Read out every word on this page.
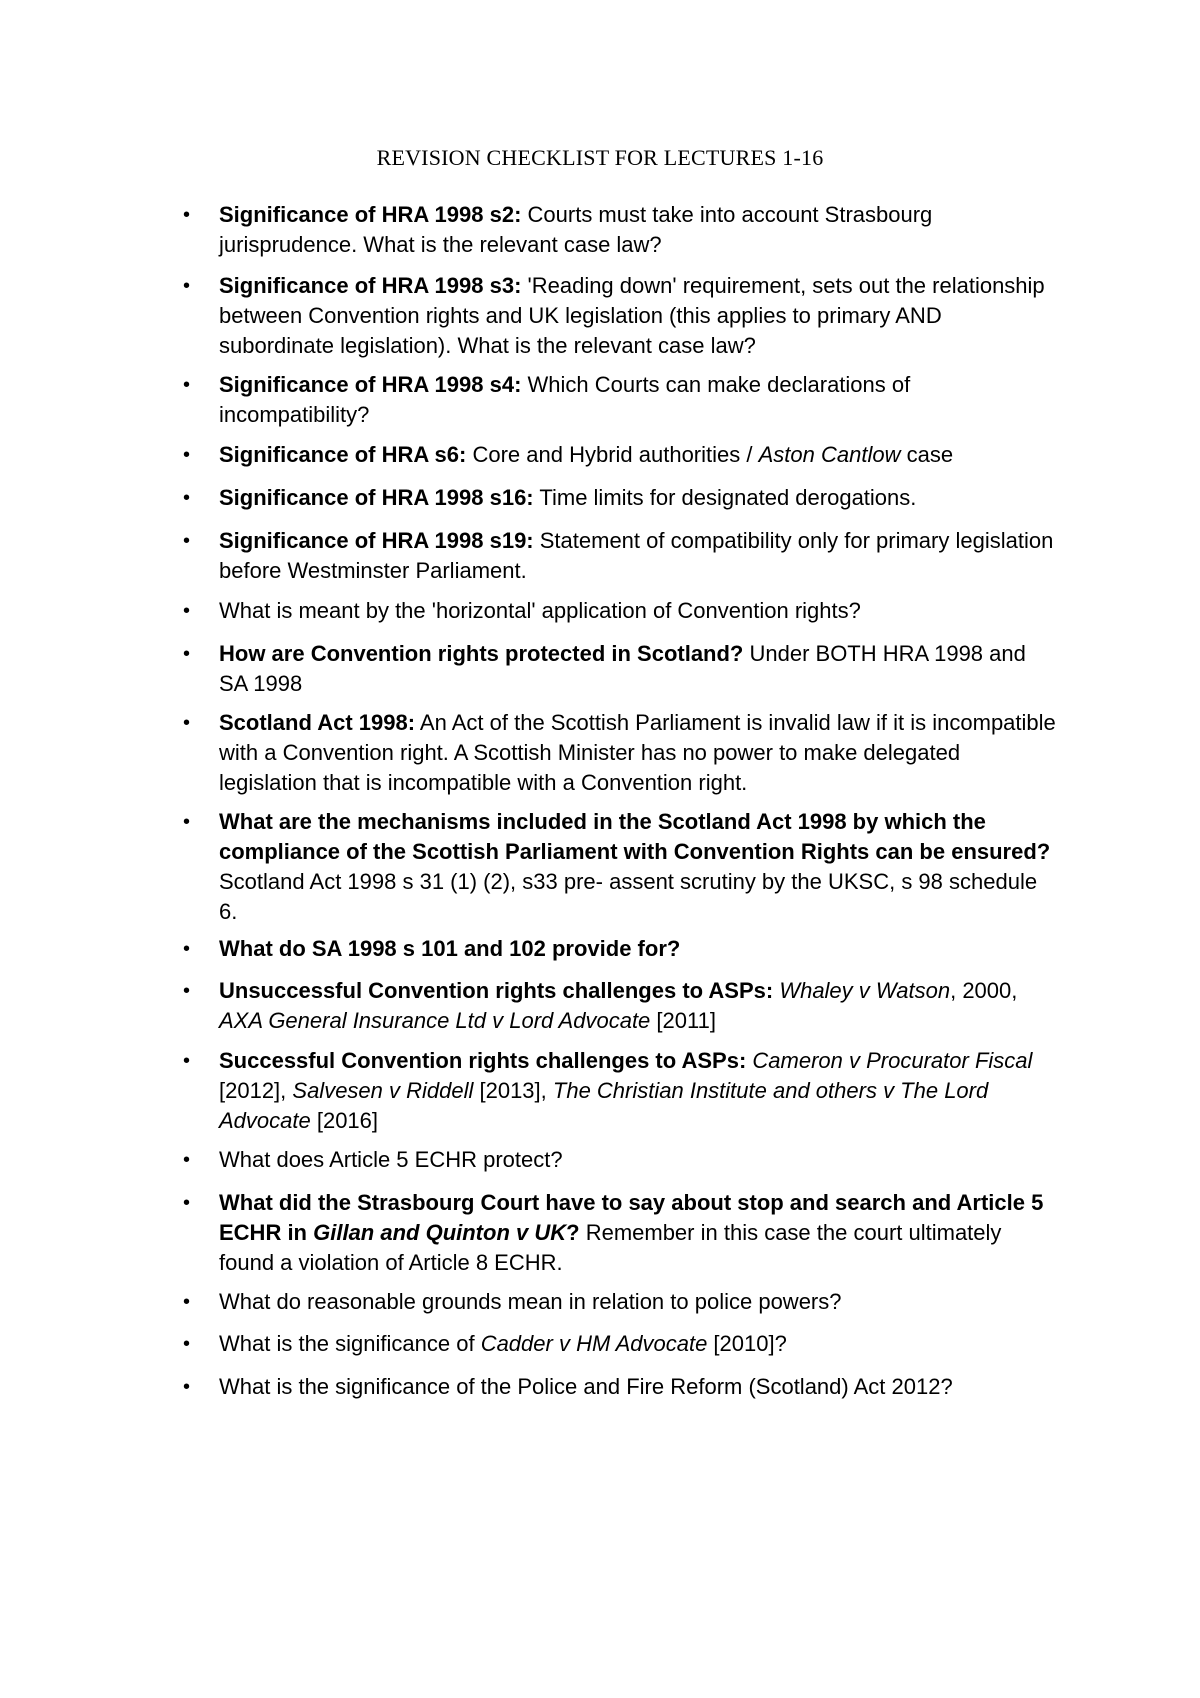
REVISION CHECKLIST FOR LECTURES 1-16
• Significance of HRA 1998 s2: Courts must take into account Strasbourg jurisprudence. What is the relevant case law?
• Significance of HRA 1998 s3: 'Reading down' requirement, sets out the relationship between Convention rights and UK legislation (this applies to primary AND subordinate legislation). What is the relevant case law?
• Significance of HRA 1998 s4: Which Courts can make declarations of incompatibility?
• Significance of HRA s6: Core and Hybrid authorities / Aston Cantlow case
• Significance of HRA 1998 s16: Time limits for designated derogations.
• Significance of HRA 1998 s19: Statement of compatibility only for primary legislation before Westminster Parliament.
• What is meant by the 'horizontal' application of Convention rights?
• How are Convention rights protected in Scotland? Under BOTH HRA 1998 and SA 1998
• Scotland Act 1998: An Act of the Scottish Parliament is invalid law if it is incompatible with a Convention right. A Scottish Minister has no power to make delegated legislation that is incompatible with a Convention right.
• What are the mechanisms included in the Scotland Act 1998 by which the compliance of the Scottish Parliament with Convention Rights can be ensured? Scotland Act 1998 s 31 (1) (2), s33 pre- assent scrutiny by the UKSC, s 98 schedule 6.
• What do SA 1998 s 101 and 102 provide for?
• Unsuccessful Convention rights challenges to ASPs: Whaley v Watson, 2000, AXA General Insurance Ltd v Lord Advocate [2011]
• Successful Convention rights challenges to ASPs: Cameron v Procurator Fiscal [2012], Salvesen v Riddell [2013], The Christian Institute and others v The Lord Advocate [2016]
• What does Article 5 ECHR protect?
• What did the Strasbourg Court have to say about stop and search and Article 5 ECHR in Gillan and Quinton v UK? Remember in this case the court ultimately found a violation of Article 8 ECHR.
• What do reasonable grounds mean in relation to police powers?
• What is the significance of Cadder v HM Advocate [2010]?
• What is the significance of the Police and Fire Reform (Scotland) Act 2012?
